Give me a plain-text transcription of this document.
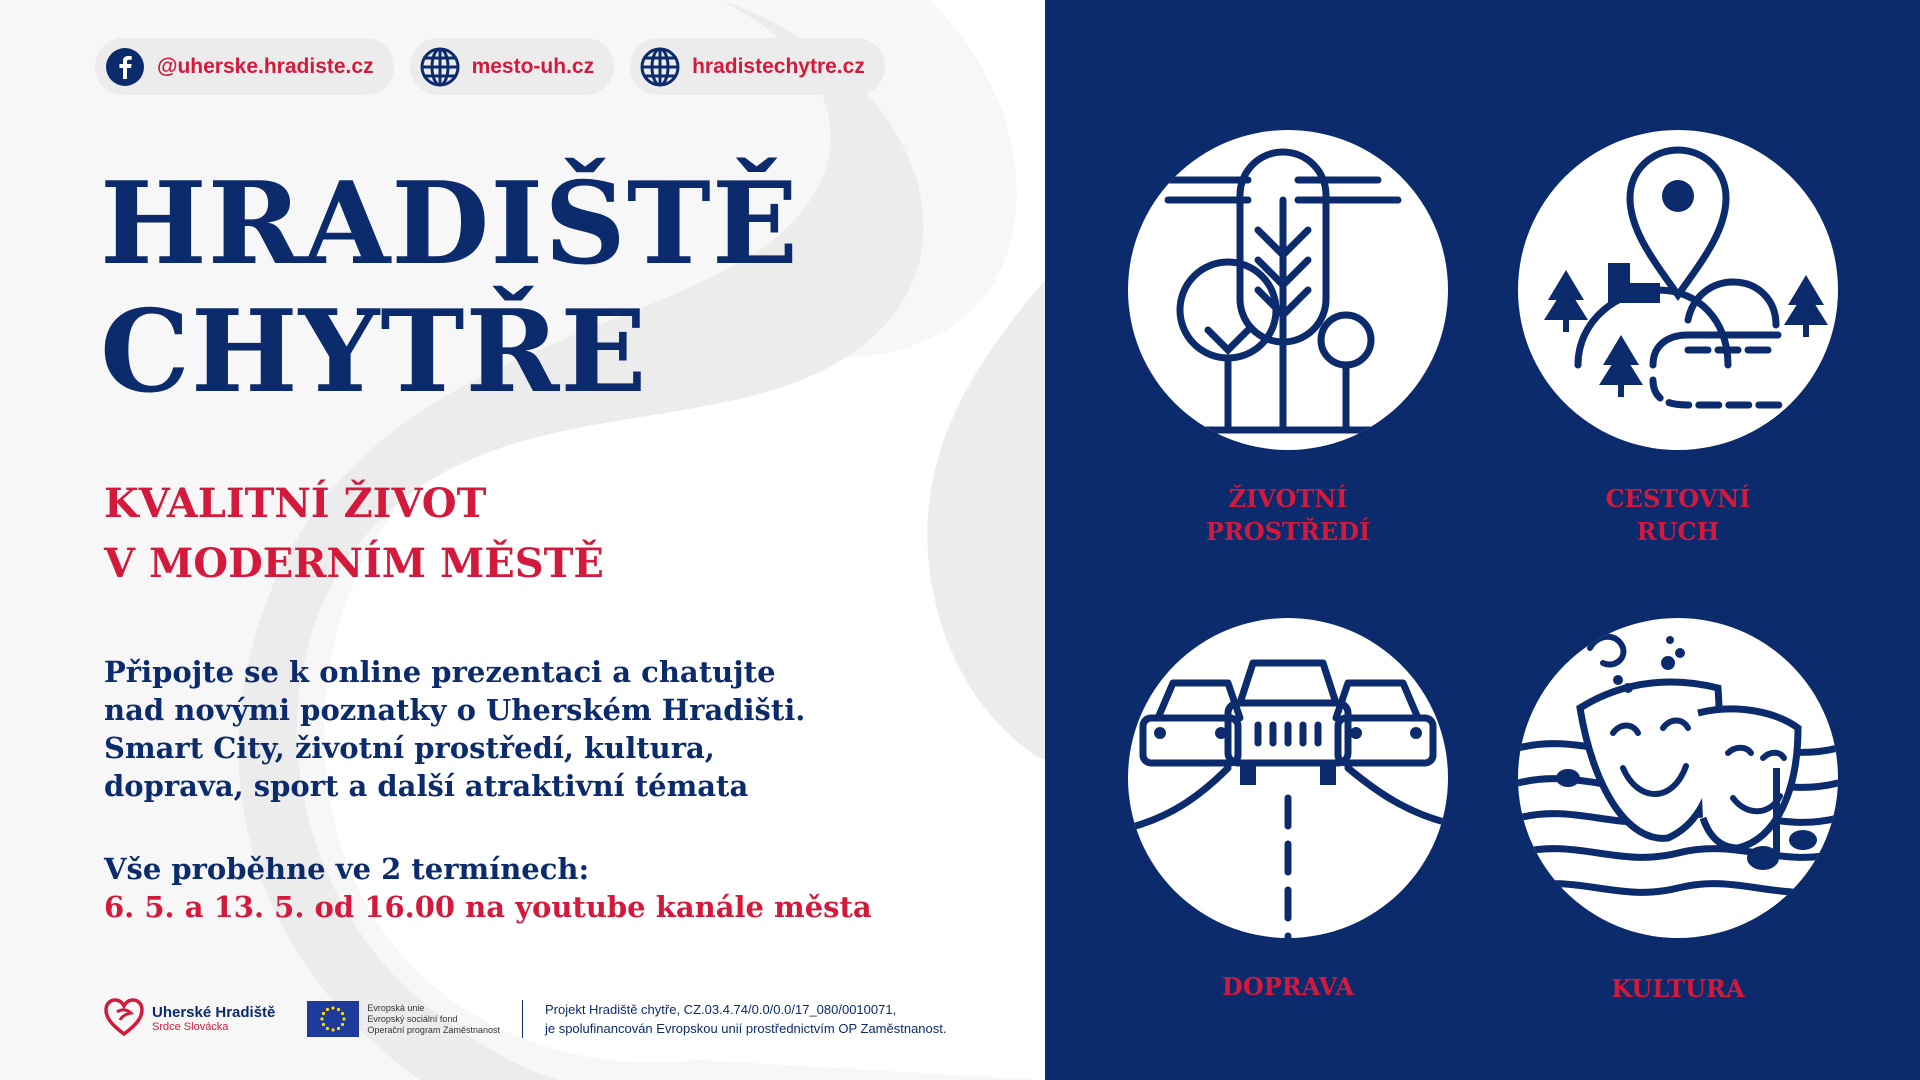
@uherske.hradiste.cz	mesto-uh.cz	hradistechytre.cz
HRADIŠTĚ
CHYTŘE
KVALITNÍ ŽIVOT
V MODERNÍM MĚSTĚ
Připojte se k online prezentaci a chatujte
nad novými poznatky o Uherském Hradišti.
Smart City, životní prostředí, kultura,
doprava, sport a další atraktivní témata
Vše proběhne ve 2 termínech:
6. 5. a 13. 5. od 16.00 na youtube kanále města
Uherské Hradiště
Srdce Slovácka
Evropská unie
Evropský sociální fond
Operační program Zaměstnanost
Projekt Hradiště chytře, CZ.03.4.74/0.0/0.0/17_080/0010071,
je spolufinancován Evropskou unií prostřednictvím OP Zaměstnanost.
ŽIVOTNÍ
PROSTŘEDÍ
CESTOVNÍ
RUCH
DOPRAVA	KULTURA
